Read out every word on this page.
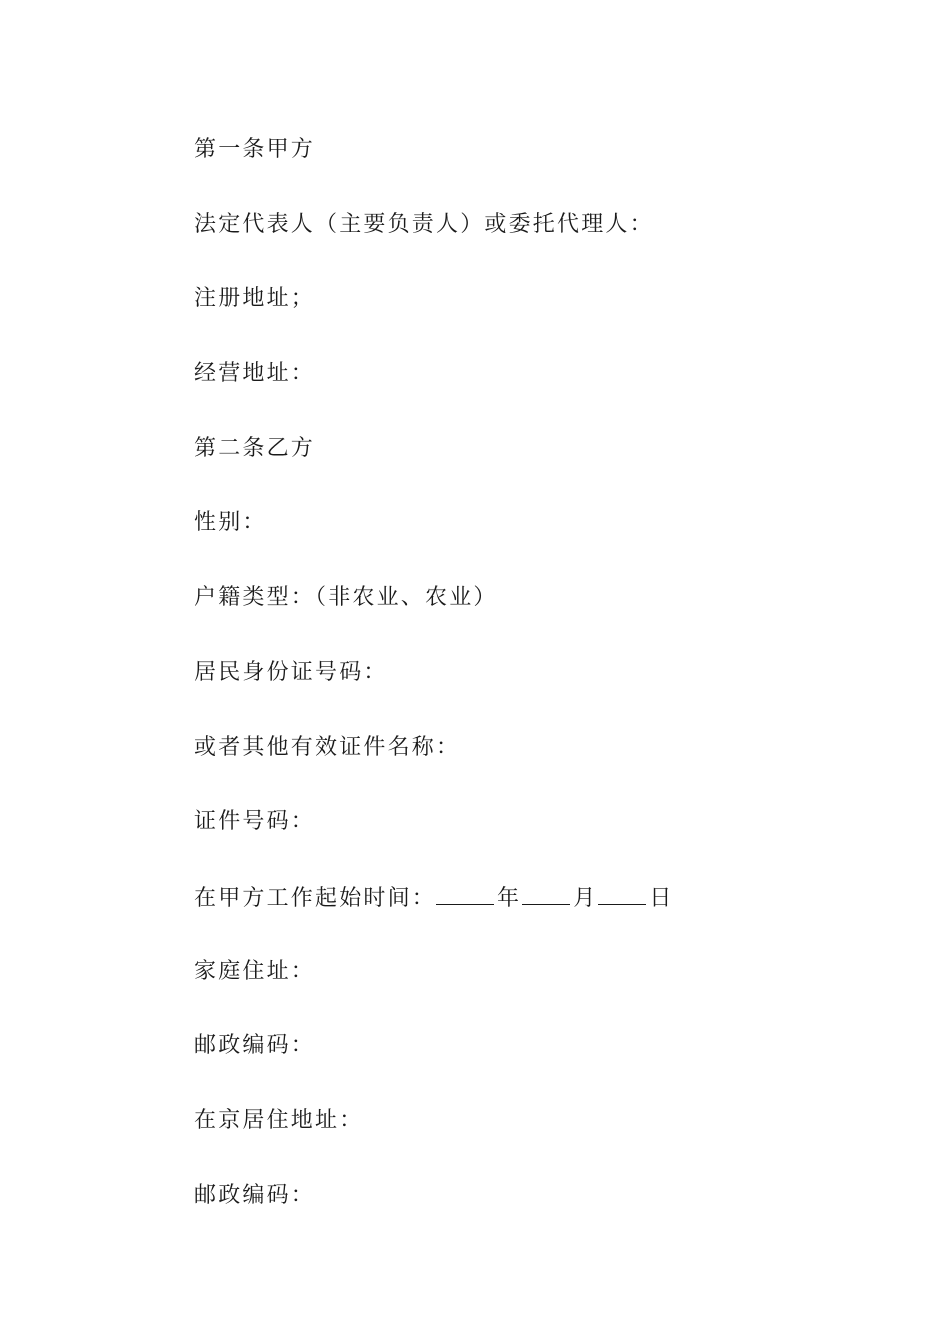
第一条甲方
法定代表人（主要负责人）或委托代理人：
注册地址；
经营地址：
第二条乙方
性别：
户籍类型：（非农业、农业）
居民身份证号码：
或者其他有效证件名称：
证件号码：
在甲方工作起始时间：	年 月 日
家庭住址：
邮政编码：
在京居住地址：
邮政编码：
